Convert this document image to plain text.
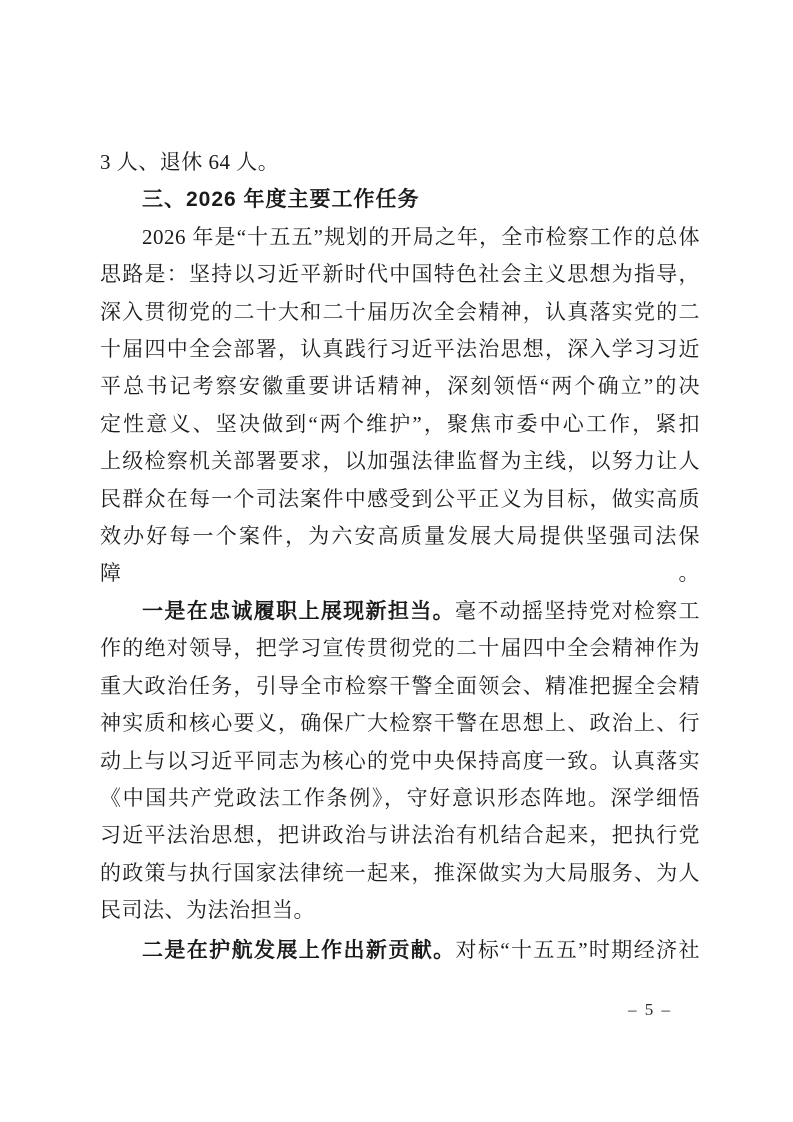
3 人、退休 64 人。
三、2026 年度主要工作任务
2026 年是“十五五”规划的开局之年，全市检察工作的总体
思路是：坚持以习近平新时代中国特色社会主义思想为指导，
深入贯彻党的二十大和二十届历次全会精神，认真落实党的二
十届四中全会部署，认真践行习近平法治思想，深入学习习近
平总书记考察安徽重要讲话精神，深刻领悟“两个确立”的决
定性意义、坚决做到“两个维护”，聚焦市委中心工作，紧扣
上级检察机关部署要求，以加强法律监督为主线，以努力让人
民群众在每一个司法案件中感受到公平正义为目标，做实高质
效办好每一个案件，为六安高质量发展大局提供坚强司法保障。
一是在忠诚履职上展现新担当。毫不动摇坚持党对检察工
作的绝对领导，把学习宣传贯彻党的二十届四中全会精神作为
重大政治任务，引导全市检察干警全面领会、精准把握全会精
神实质和核心要义，确保广大检察干警在思想上、政治上、行
动上与以习近平同志为核心的党中央保持高度一致。认真落实
《中国共产党政法工作条例》，守好意识形态阵地。深学细悟
习近平法治思想，把讲政治与讲法治有机结合起来，把执行党
的政策与执行国家法律统一起来，推深做实为大局服务、为人
民司法、为法治担当。
二是在护航发展上作出新贡献。对标“十五五”时期经济社
– 5 –
